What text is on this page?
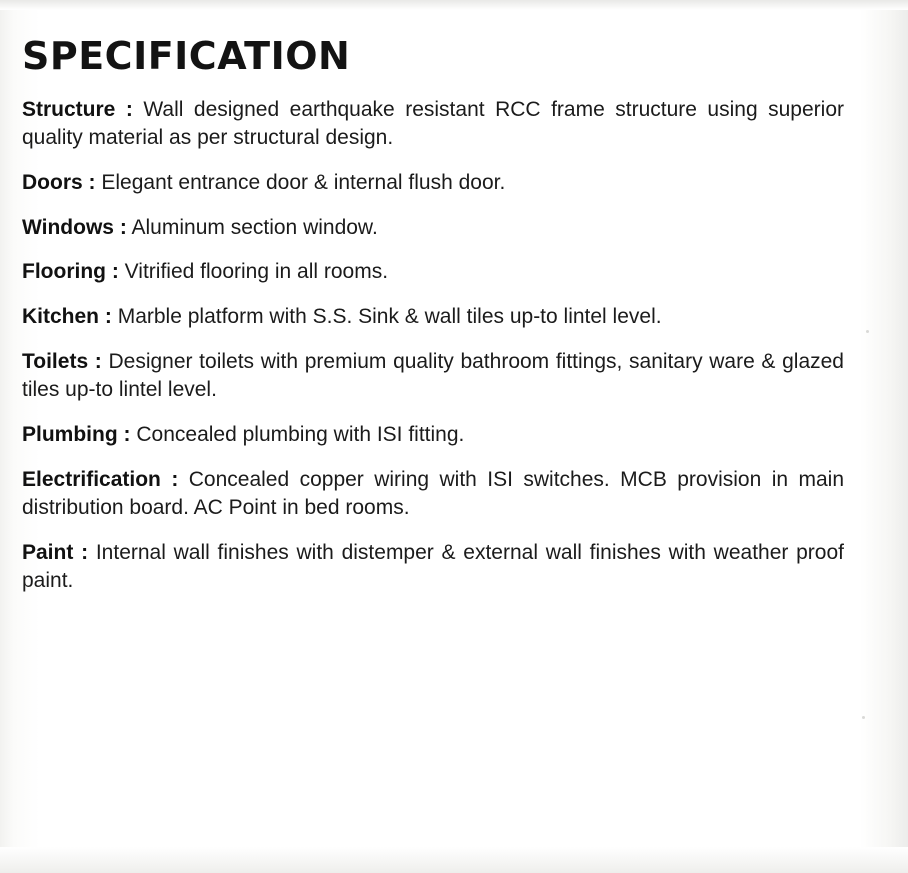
SPECIFICATION
Structure : Wall designed earthquake resistant RCC frame structure using superior quality material as per structural design.
Doors : Elegant entrance door & internal flush door.
Windows : Aluminum section window.
Flooring : Vitrified flooring in all rooms.
Kitchen : Marble platform with S.S. Sink & wall tiles up-to lintel level.
Toilets : Designer toilets with premium quality bathroom fittings, sanitary ware & glazed tiles up-to lintel level.
Plumbing : Concealed plumbing with ISI fitting.
Electrification : Concealed copper wiring with ISI switches. MCB provision in main distribution board. AC Point in bed rooms.
Paint : Internal wall finishes with distemper & external wall finishes with weather proof paint.
